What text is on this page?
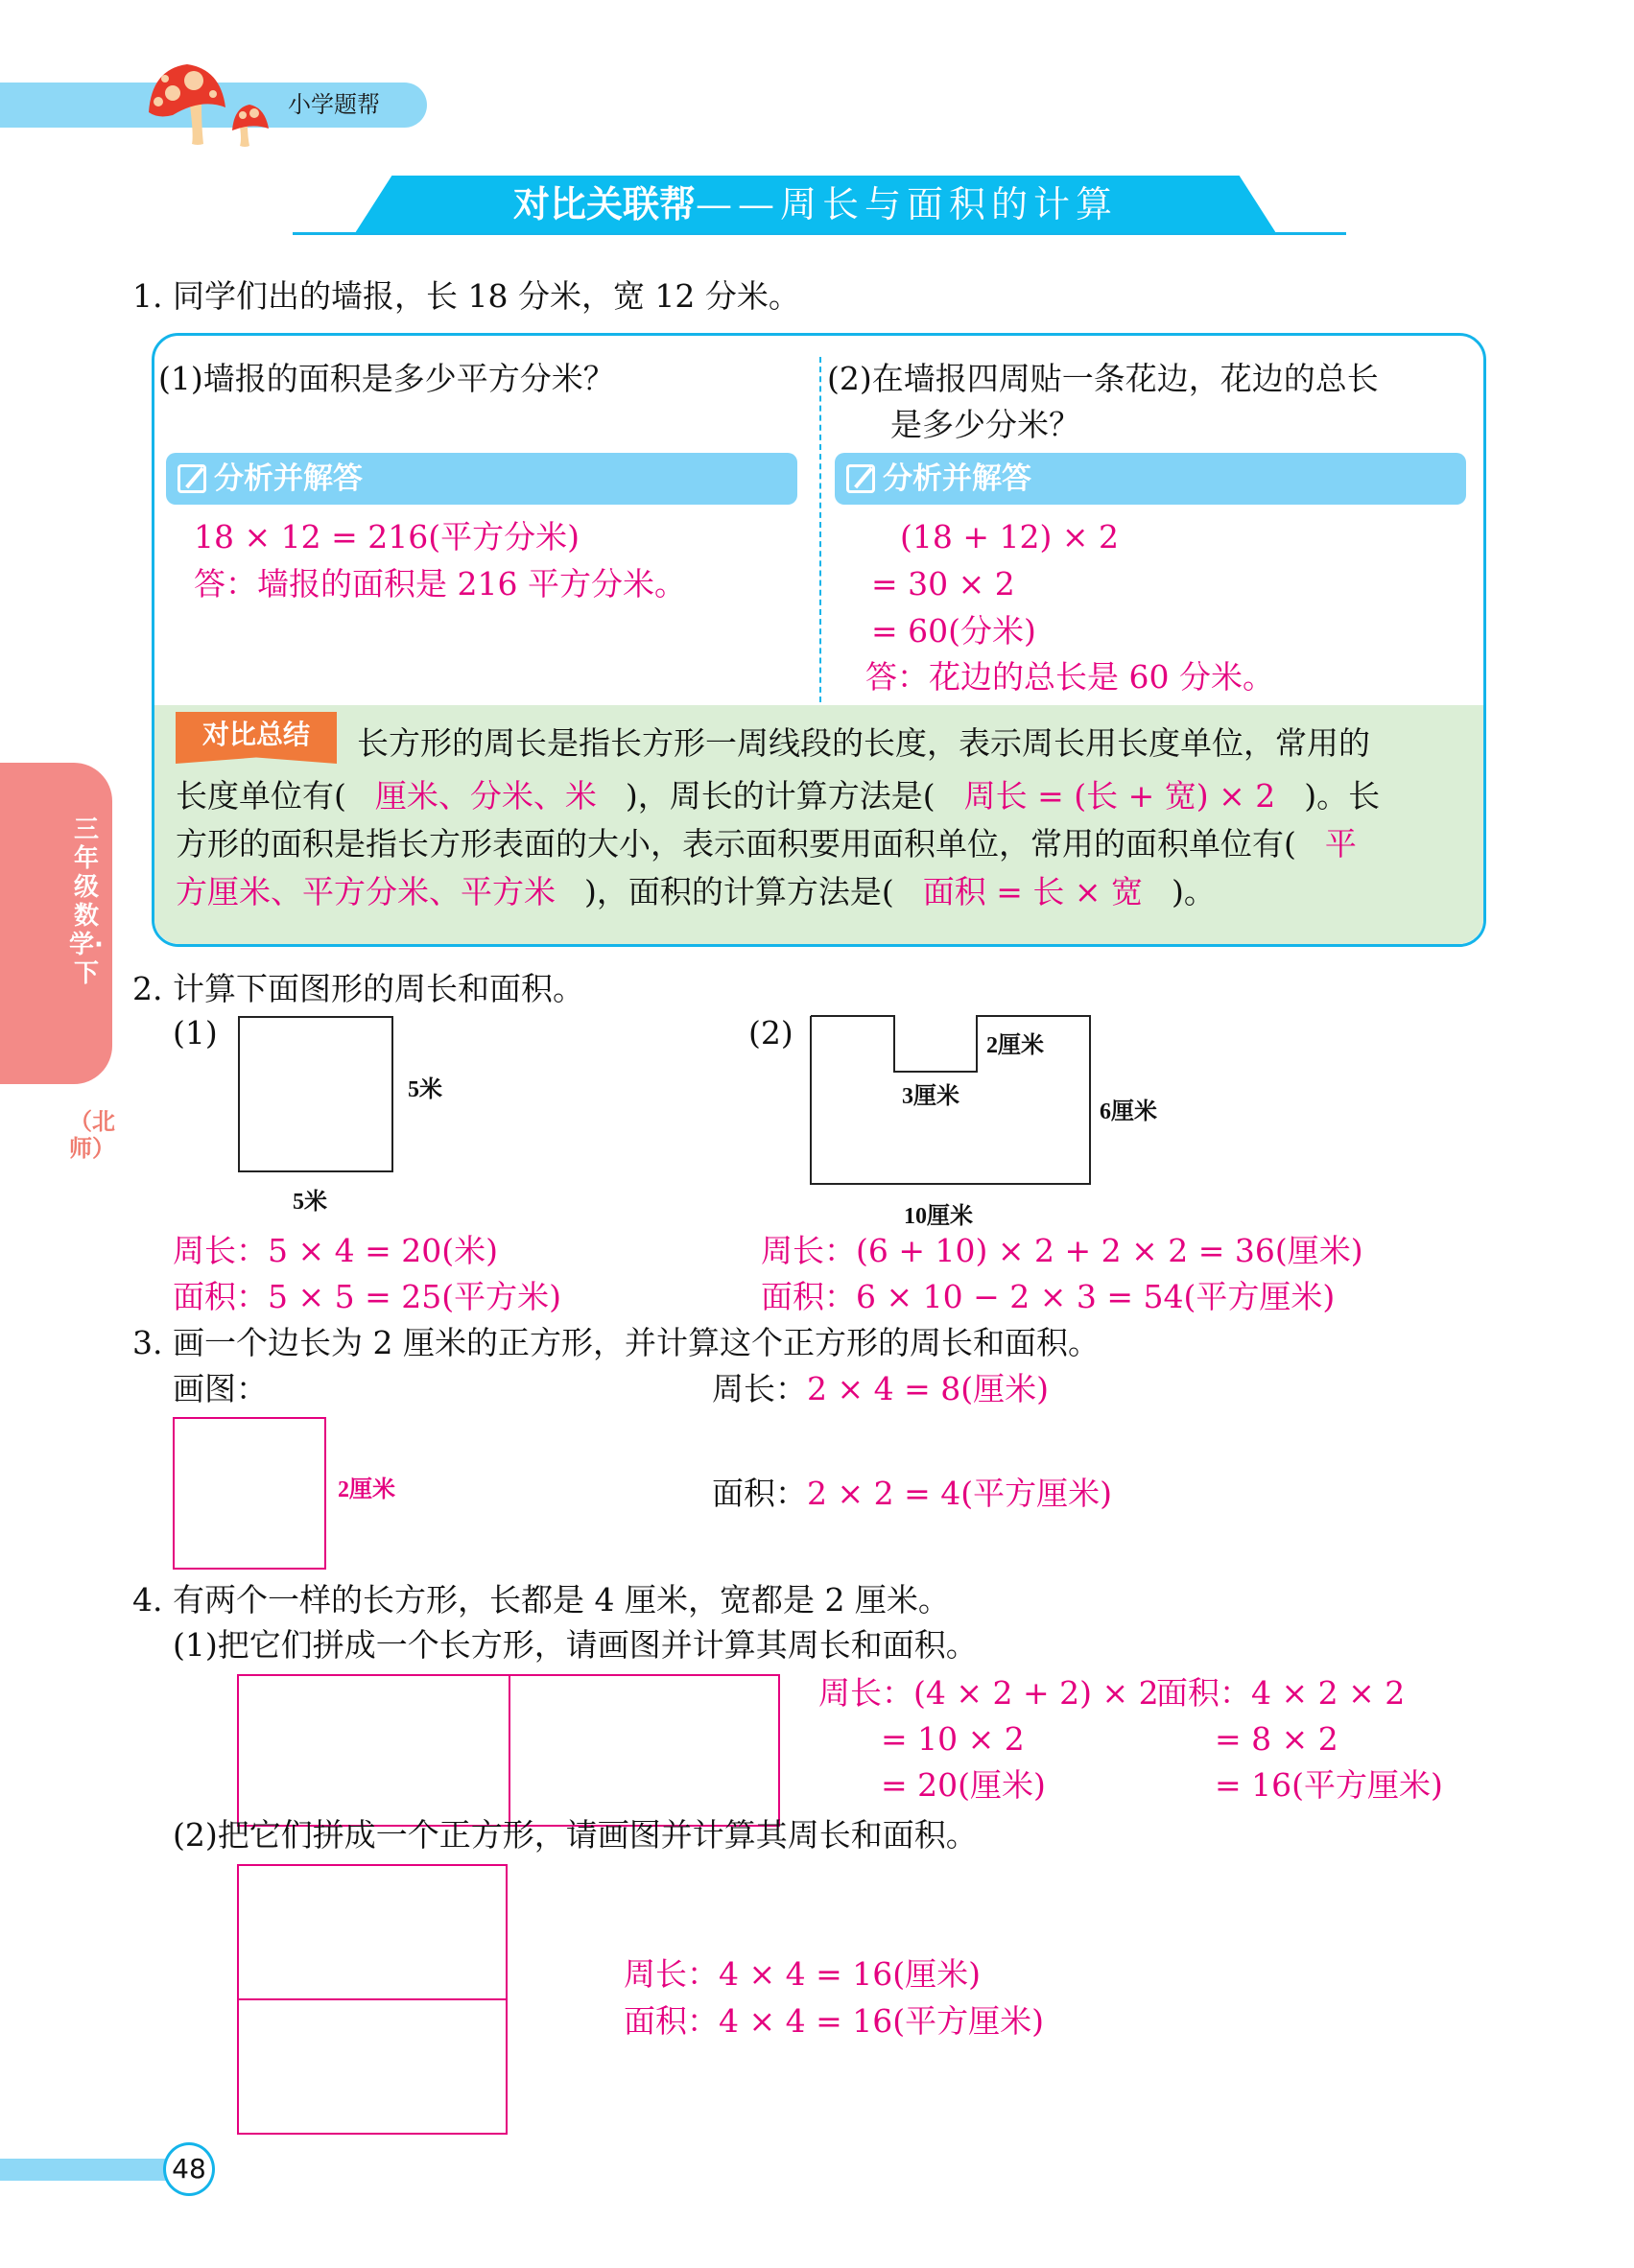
小学题帮
对比关联帮——周长与面积的计算
三年级数学·下
（北师）
1. 同学们出的墙报，长 18 分米，宽 12 分米。
(1)墙报的面积是多少平方分米？
分析并解答
18 × 12 = 216(平方分米)
答：墙报的面积是 216 平方分米。
(2)在墙报四周贴一条花边，花边的总长
是多少分米？
分析并解答
(18 + 12) × 2
= 30 × 2
= 60(分米)
答：花边的总长是 60 分米。
对比总结	长方形的周长是指长方形一周线段的长度，表示周长用长度单位，常用的
长度单位有( 厘米、分米、米 )，周长的计算方法是( 周长 = (长 + 宽) × 2 )。长
方形的面积是指长方形表面的大小，表示面积要用面积单位，常用的面积单位有( 平
方厘米、平方分米、平方米 )，面积的计算方法是( 面积 = 长 × 宽 )。
2. 计算下面图形的周长和面积。
(1)
5米
5米
周长：5 × 4 = 20(米)
面积：5 × 5 = 25(平方米)
(2)	2厘米
3厘米
6厘米
10厘米
周长：(6 + 10) × 2 + 2 × 2 = 36(厘米)
面积：6 × 10 − 2 × 3 = 54(平方厘米)
3. 画一个边长为 2 厘米的正方形，并计算这个正方形的周长和面积。
画图：
2厘米
周长：2 × 4 = 8(厘米)
面积：2 × 2 = 4(平方厘米)
4. 有两个一样的长方形，长都是 4 厘米，宽都是 2 厘米。
(1)把它们拼成一个长方形，请画图并计算其周长和面积。
周长：(4 × 2 + 2) × 2
= 10 × 2
= 20(厘米)
面积：4 × 2 × 2
= 8 × 2
= 16(平方厘米)
(2)把它们拼成一个正方形，请画图并计算其周长和面积。
周长：4 × 4 = 16(厘米)
面积：4 × 4 = 16(平方厘米)
48
